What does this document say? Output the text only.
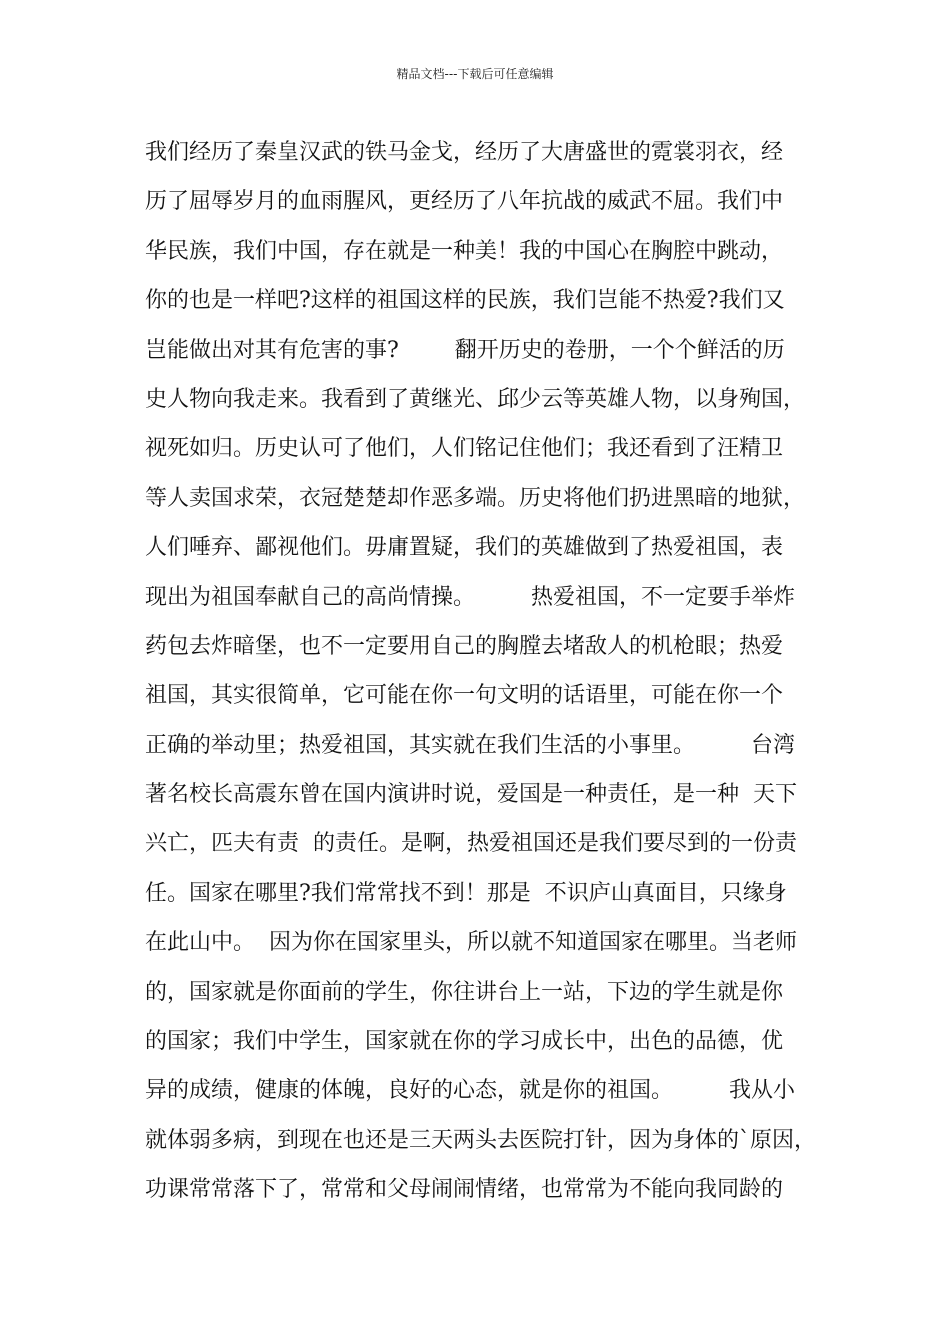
精品文档---下载后可任意编辑
我们经历了秦皇汉武的铁马金戈，经历了大唐盛世的霓裳羽衣，经
历了屈辱岁月的血雨腥风，更经历了八年抗战的威武不屈。我们中
华民族，我们中国，存在就是一种美！我的中国心在胸腔中跳动，
你的也是一样吧?这样的祖国这样的民族，我们岂能不热爱?我们又
岂能做出对其有危害的事?        翻开历史的卷册，一个个鲜活的历
史人物向我走来。我看到了黄继光、邱少云等英雄人物，以身殉国，
视死如归。历史认可了他们，人们铭记住他们；我还看到了汪精卫
等人卖国求荣，衣冠楚楚却作恶多端。历史将他们扔进黑暗的地狱，
人们唾弃、鄙视他们。毋庸置疑，我们的英雄做到了热爱祖国，表
现出为祖国奉献自己的高尚情操。        热爱祖国，不一定要手举炸
药包去炸暗堡，也不一定要用自己的胸膛去堵敌人的机枪眼；热爱
祖国，其实很简单，它可能在你一句文明的话语里，可能在你一个
正确的举动里；热爱祖国，其实就在我们生活的小事里。        台湾
著名校长高震东曾在国内演讲时说，爱国是一种责任，是一种  天下
兴亡，匹夫有责  的责任。是啊，热爱祖国还是我们要尽到的一份责
任。国家在哪里?我们常常找不到！那是  不识庐山真面目，只缘身
在此山中。  因为你在国家里头，所以就不知道国家在哪里。当老师
的，国家就是你面前的学生，你往讲台上一站，下边的学生就是你
的国家；我们中学生，国家就在你的学习成长中，出色的品德，优
异的成绩，健康的体魄，良好的心态，就是你的祖国。        我从小
就体弱多病，到现在也还是三天两头去医院打针，因为身体的`原因，
功课常常落下了，常常和父母闹闹情绪，也常常为不能向我同龄的
